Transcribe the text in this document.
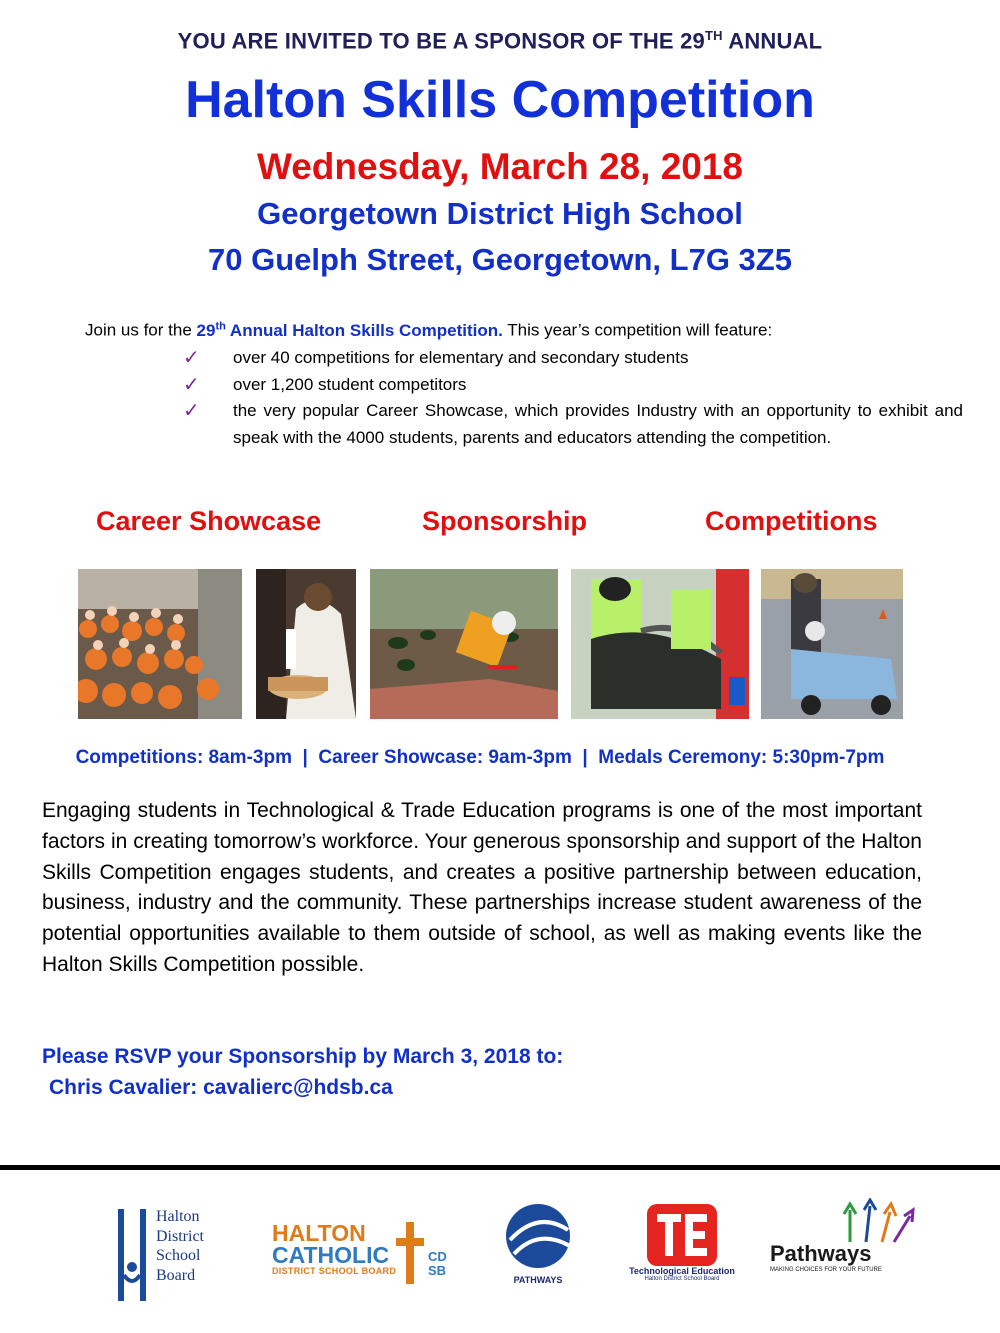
YOU ARE INVITED TO BE A SPONSOR OF THE 29TH ANNUAL
Halton Skills Competition
Wednesday, March 28, 2018
Georgetown District High School
70 Guelph Street, Georgetown, L7G 3Z5
Join us for the 29th Annual Halton Skills Competition. This year’s competition will feature:
✓	over 40 competitions for elementary and secondary students
✓	over 1,200 student competitors
✓	the very popular Career Showcase, which provides Industry with an opportunity to exhibit and speak with the 4000 students, parents and educators attending the competition.
Career Showcase	Sponsorship	Competitions
Competitions: 8am-3pm  |  Career Showcase: 9am-3pm  |  Medals Ceremony: 5:30pm-7pm
Engaging students in Technological & Trade Education programs is one of the most important factors in creating tomorrow’s workforce. Your generous sponsorship and support of the Halton Skills Competition engages students, and creates a positive partnership between education, business, industry and the community. These partnerships increase student awareness of the potential opportunities available to them outside of school, as well as making events like the Halton Skills Competition possible.
Please RSVP your Sponsorship by March 3, 2018 to:
Chris Cavalier: cavalierc@hdsb.ca
Halton
District
School
Board
HALTON
CATHOLIC
DISTRICT SCHOOL BOARD
CD
SB
PATHWAYS
Technological Education
Halton District School Board
Pathways
MAKING CHOICES FOR YOUR FUTURE
